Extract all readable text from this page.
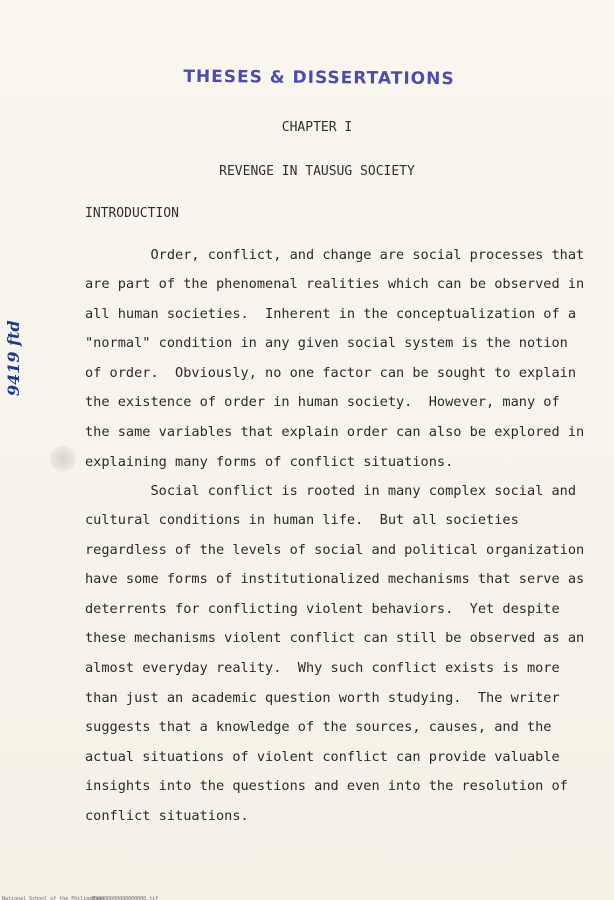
THESES & DISSERTATIONS
CHAPTER I
REVENGE IN TAUSUG SOCIETY
INTRODUCTION
9419 ftd
Order, conflict, and change are social processes that
are part of the phenomenal realities which can be observed in
all human societies.  Inherent in the conceptualization of a
"normal" condition in any given social system is the notion
of order.  Obviously, no one factor can be sought to explain
the existence of order in human society.  However, many of
the same variables that explain order can also be explored in
explaining many forms of conflict situations.
Social conflict is rooted in many complex social and
cultural conditions in human life.  But all societies
regardless of the levels of social and political organization
have some forms of institutionalized mechanisms that serve as
deterrents for conflicting violent behaviors.  Yet despite
these mechanisms violent conflict can still be observed as an
almost everyday reality.  Why such conflict exists is more
than just an academic question worth studying.  The writer
suggests that a knowledge of the sources, causes, and the
actual situations of violent conflict can provide valuable
insights into the questions and even into the resolution of
conflict situations.
National School of the Philippines
MS0000000000000000.tif
